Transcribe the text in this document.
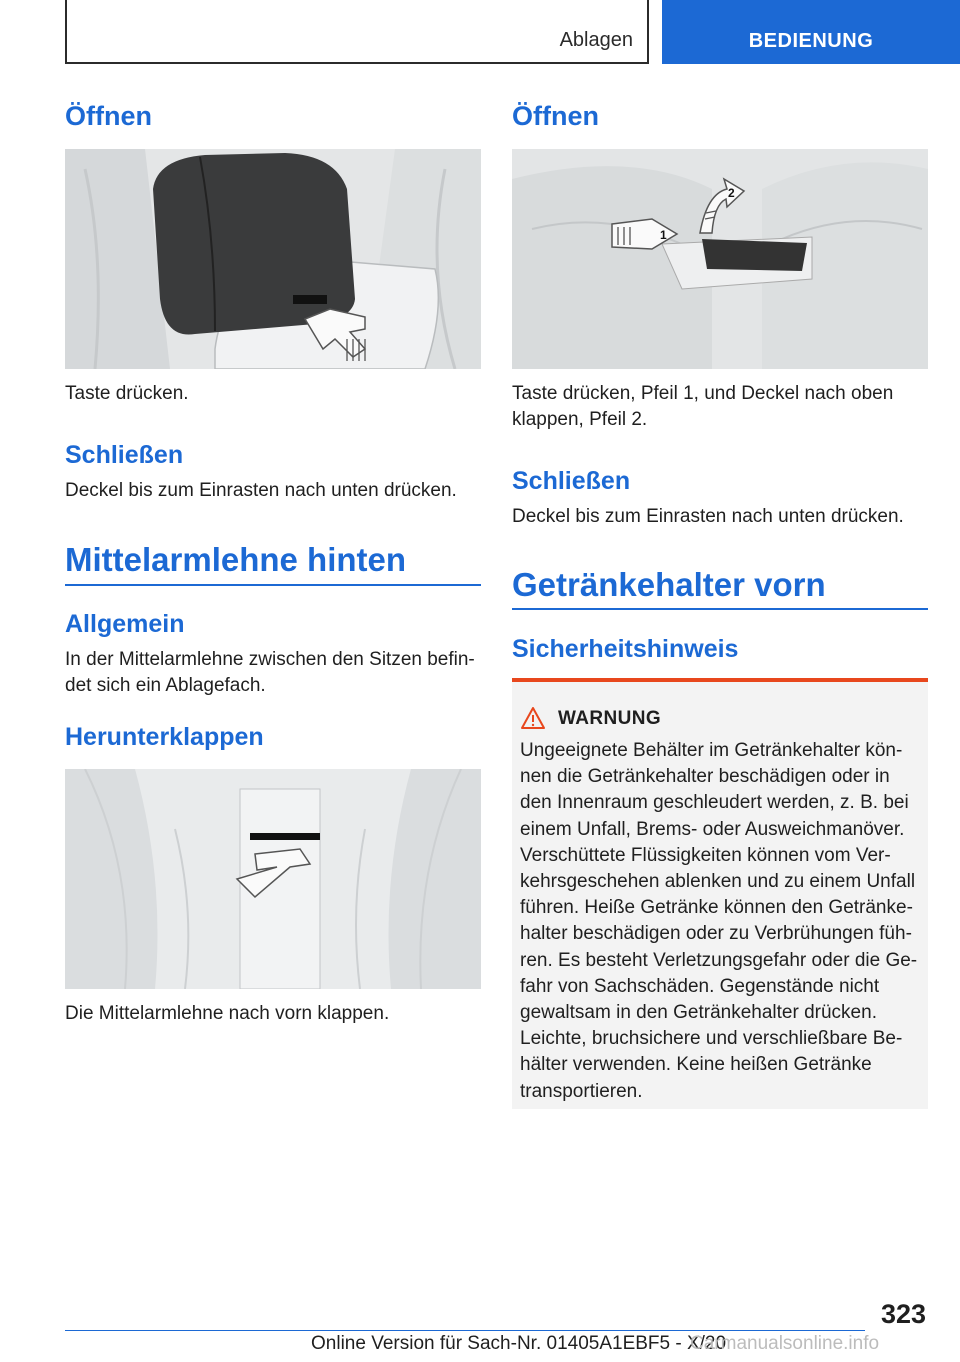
Ablagen	BEDIENUNG
Öffnen

Taste drücken.

Schließen

Deckel bis zum Einrasten nach unten drücken.

Mittelarmlehne hinten
Allgemein

In der Mittelarmlehne zwischen den Sitzen befin-

det sich ein Ablagefach.

Herunterklappen

Die Mittelarmlehne nach vorn klappen.

Öffnen
1
2

Taste drücken, Pfeil 1, und Deckel nach oben

klappen, Pfeil 2.

Schließen

Deckel bis zum Einrasten nach unten drücken.

Getränkehalter vorn
Sicherheitshinweis
WARNUNG
Ungeeignete Behälter im Getränkehalter kön-
nen die Getränkehalter beschädigen oder in
den Innenraum geschleudert werden, z. B. bei
einem Unfall, Brems- oder Ausweichmanöver.
Verschüttete Flüssigkeiten können vom Ver-
kehrsgeschehen ablenken und zu einem Unfall
führen. Heiße Getränke können den Getränke-
halter beschädigen oder zu Verbrühungen füh-
ren. Es besteht Verletzungsgefahr oder die Ge-
fahr von Sachschäden. Gegenstände nicht
gewaltsam in den Getränkehalter drücken.
Leichte, bruchsichere und verschließbare Be-
hälter verwenden. Keine heißen Getränke
transportieren.
323
Online Version für Sach-Nr. 01405A1EBF5 - X/20
Carmanualsonline.info
